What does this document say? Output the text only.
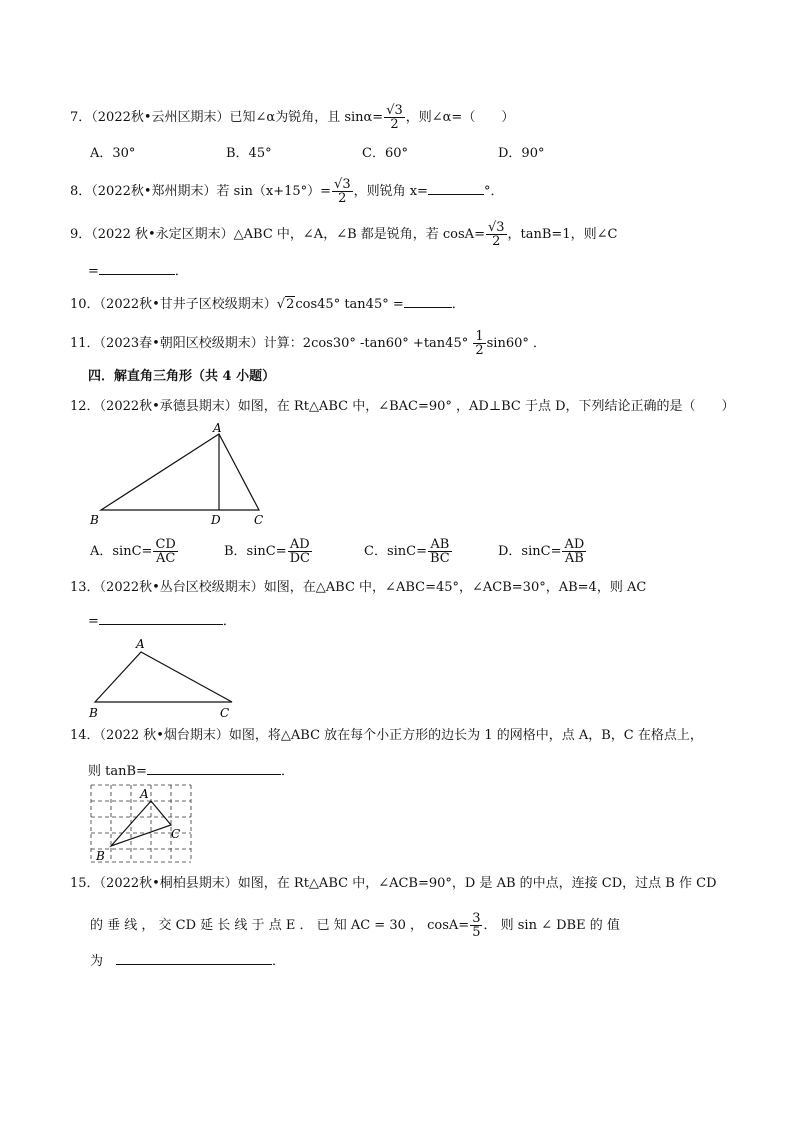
7．（2022秋•云州区期末）已知∠α为锐角，且 $\sin\alpha= \frac{√3}{2}$ ，则∠α=（　　）
A．30°	B．45°	C．60°	D．90°
8．（2022秋•郑州期末）若 $\sin(x+15^\circ)= \frac{√3}{2}$ ，则锐角 x=	°．
9．（2022 秋•永定区期末）△ABC 中，∠A，∠B 都是锐角，若 $\cos A= \frac{√3}{2}$ ，tanB=1，则∠C
=	．
10．（2022秋•甘井子区校级期末）√2cos45° tan45° =	．
11．（2023春•朝阳区校级期末）计算：2cos30° $-\tan 60^\circ +\tan 45^\circ \frac{1}{2} \sin 60^\circ$ ．
四．解直角三角形（共 4 小题）
12．（2022秋•承德县期末）如图，在 Rt△ABC 中，∠BAC=90° ，AD⊥BC 于点 D，下列结论正确的是（　　）
A
B	D	C
A．$\sin C= \frac{CD}{AC}$	B．$\sin C= \frac{AD}{DC}$	C．$\sin C= \frac{AB}{BC}$	D．$\sin C= \frac{AD}{AB}$
13．（2022秋•丛台区校级期末）如图，在△ABC 中，∠ABC=45°，∠ACB=30°，AB=4，则 AC
=	．
A
B	C
14．（2022 秋•烟台期末）如图，将△ABC 放在每个小正方形的边长为 1 的网格中，点 A，B，C 在格点上，
则 tanB=	．
A
B
C
15．（2022秋•桐柏县期末）如图，在 Rt△ABC 中，∠ACB=90°，D 是 AB 的中点，连接 CD，过点 B 作 CD
的 垂 线 ， 交 CD 延 长 线 于 点 E ． 已 知 AC = 30 ， $\cos A= \frac{3}{5}$ ． 则 sin ∠ DBE 的 值
为　	．
